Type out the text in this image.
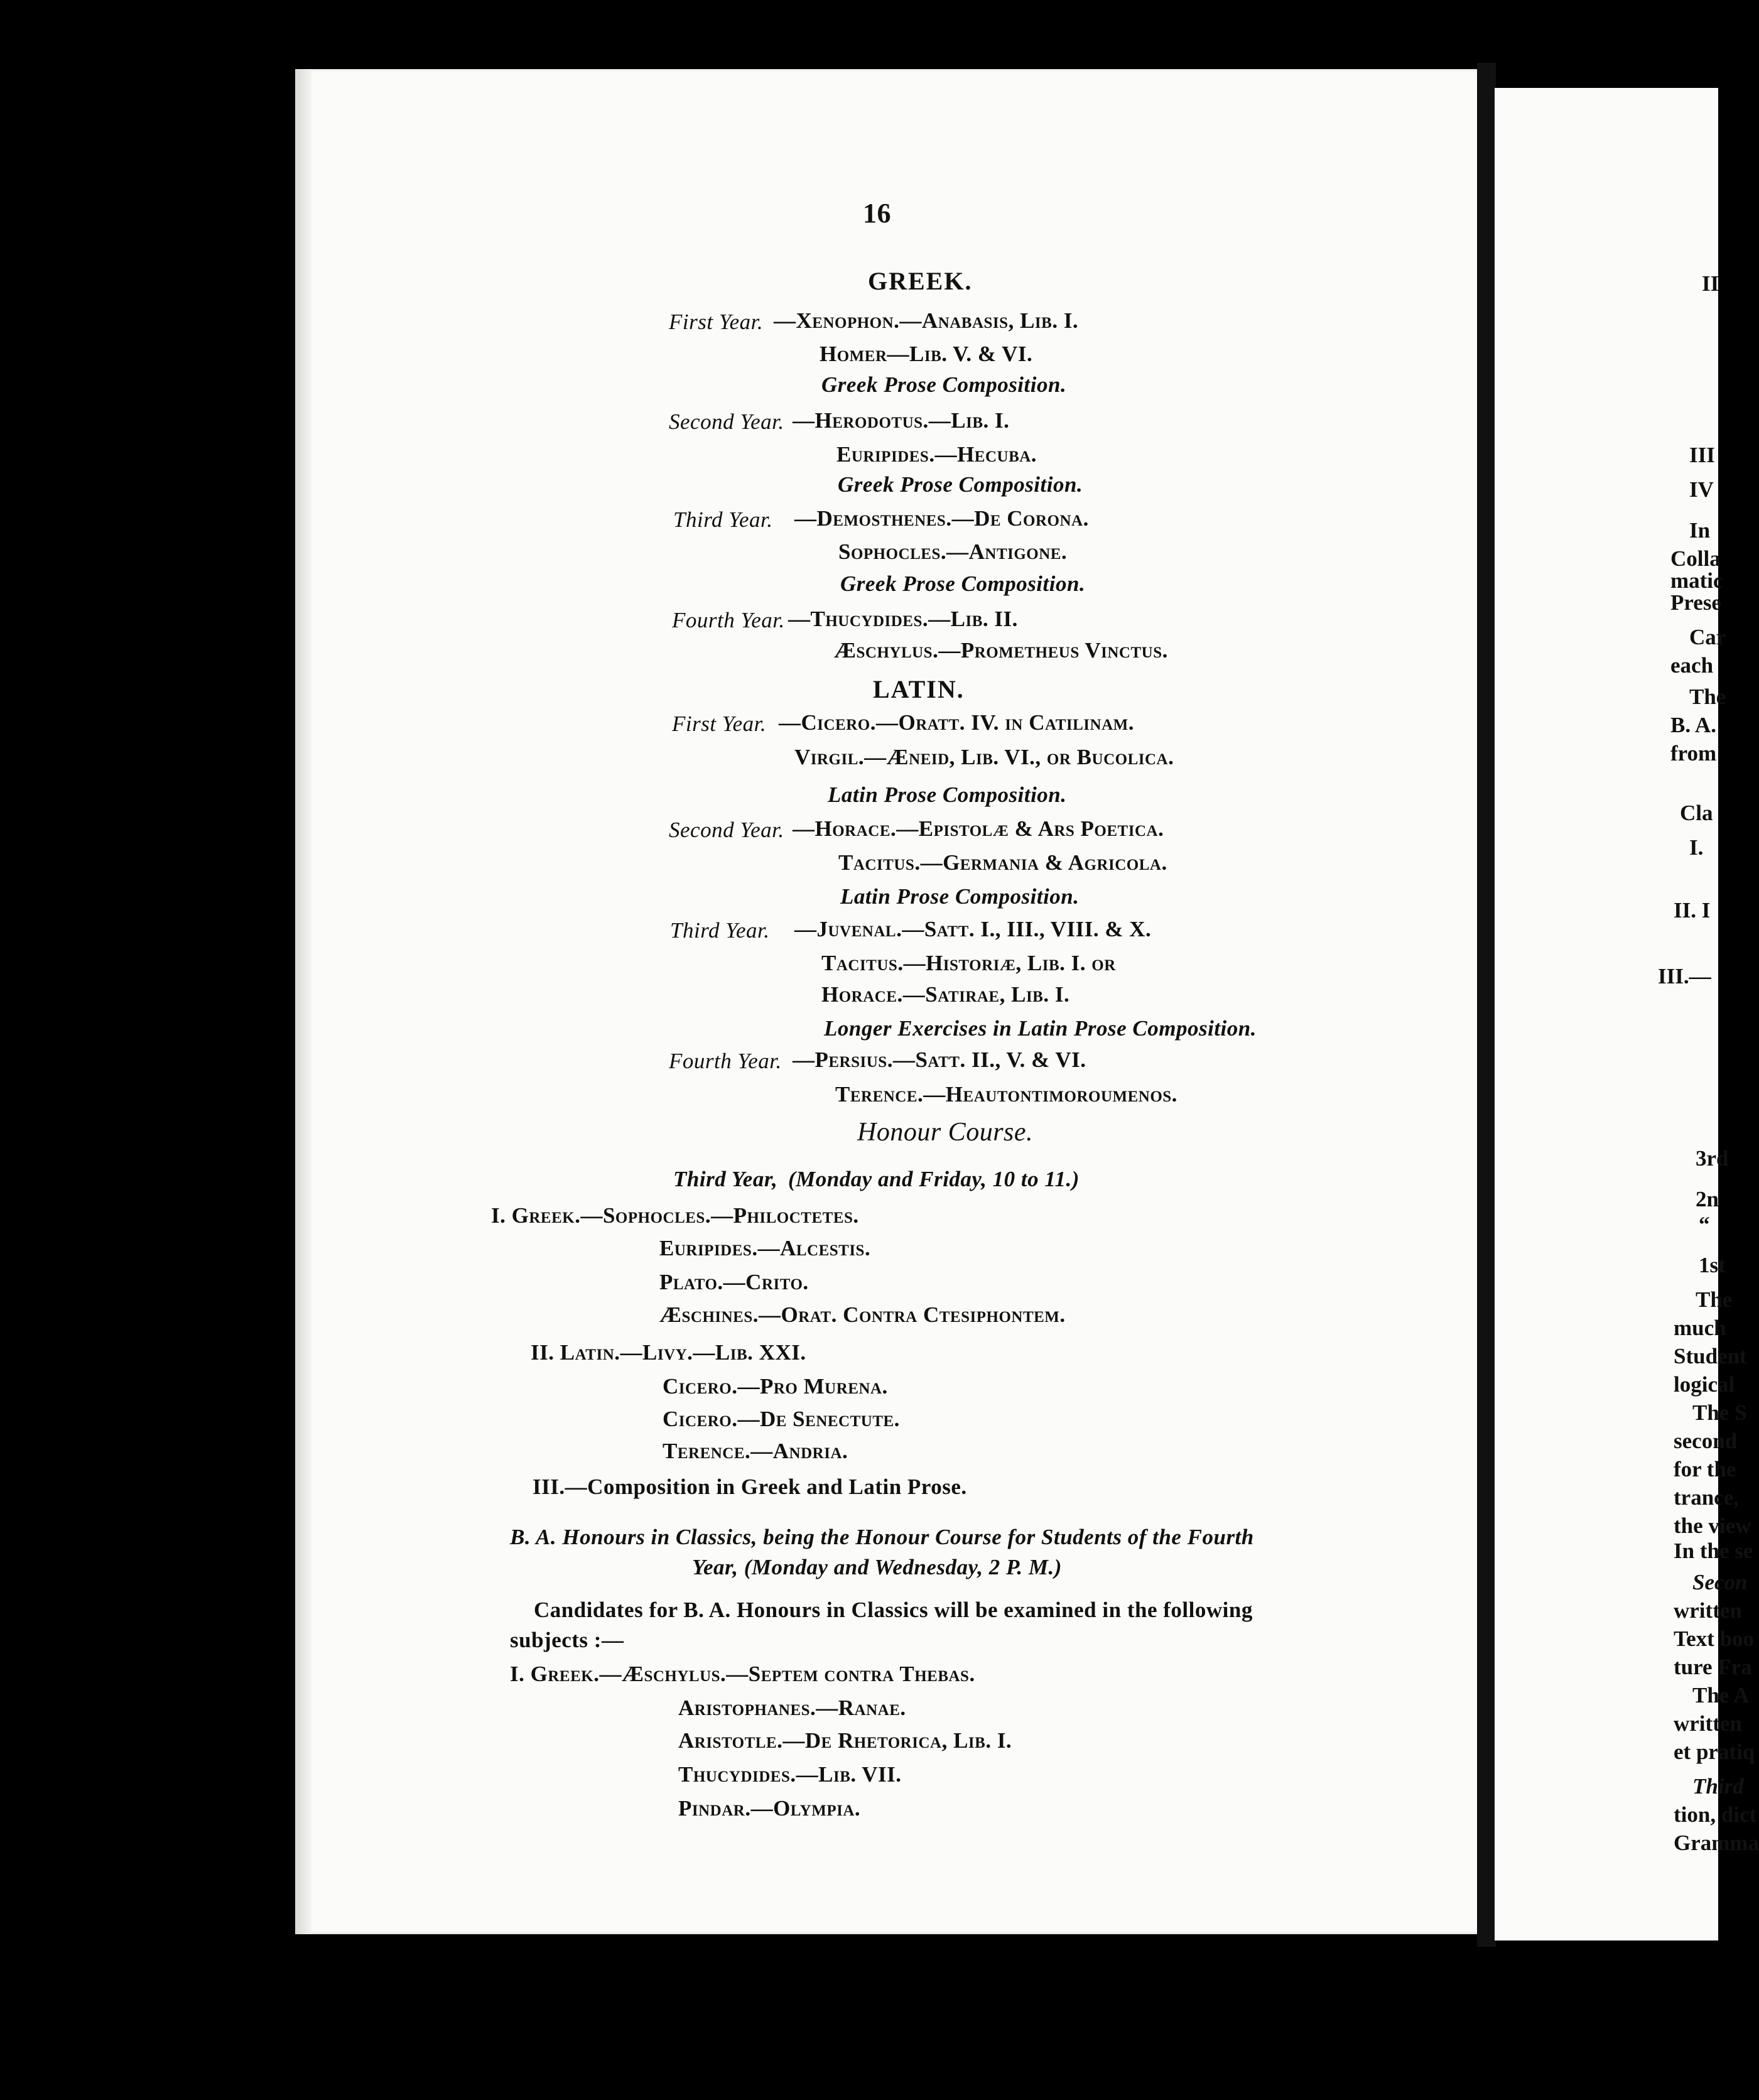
16
GREEK.
First Year. —Xenophon.—Anabasis, Lib. I.
Homer—Lib. V. & VI.
Greek Prose Composition.
Second Year. —Herodotus.—Lib. I.
Euripides.—Hecuba.
Greek Prose Composition.
Third Year. —Demosthenes.—De Corona.
Sophocles.—Antigone.
Greek Prose Composition.
Fourth Year. —Thucydides.—Lib. II.
Æschylus.—Prometheus Vinctus.
LATIN.
First Year. —Cicero.—Oratt. IV. in Catilinam.
Virgil.—Æneid, Lib. VI., or Bucolica.
Latin Prose Composition.
Second Year. —Horace.—Epistolæ & Ars Poetica.
Tacitus.—Germania & Agricola.
Latin Prose Composition.
Third Year. —Juvenal.—Satt. I., III., VIII. & X.
Tacitus.—Historiæ, Lib. I. or
Horace.—Satirae, Lib. I.
Longer Exercises in Latin Prose Composition.
Fourth Year. —Persius.—Satt. II., V. & VI.
Terence.—Heautontimoroumenos.
Honour Course.
Third Year, (Monday and Friday, 10 to 11.)
I. Greek.—Sophocles.—Philoctetes.
Euripides.—Alcestis.
Plato.—Crito.
Æschines.—Orat. Contra Ctesiphontem.
II. Latin.—Livy.—Lib. XXI.
Cicero.—Pro Murena.
Cicero.—De Senectute.
Terence.—Andria.
III.—Composition in Greek and Latin Prose.
B. A. Honours in Classics, being the Honour Course for Students of the Fourth
Year, (Monday and Wednesday, 2 P. M.)
Candidates for B. A. Honours in Classics will be examined in the following
subjects :—
I. Greek.—Æschylus.—Septem contra Thebas.
Aristophanes.—Ranae.
Aristotle.—De Rhetorica, Lib. I.
Thucydides.—Lib. VII.
Pindar.—Olympia.
II
III
IV
In
Colla
matic
Prese
Car
each
The
B. A.
from
Cla
I.
II. I
III.—
3rd
2n
“
1st
The
much
Student
logical
The S
second
for the
trance,
the view
In the se
Secon
written
Text boo
ture Fra
The A
written
et pratiq
Third
tion, dict
Gramma
